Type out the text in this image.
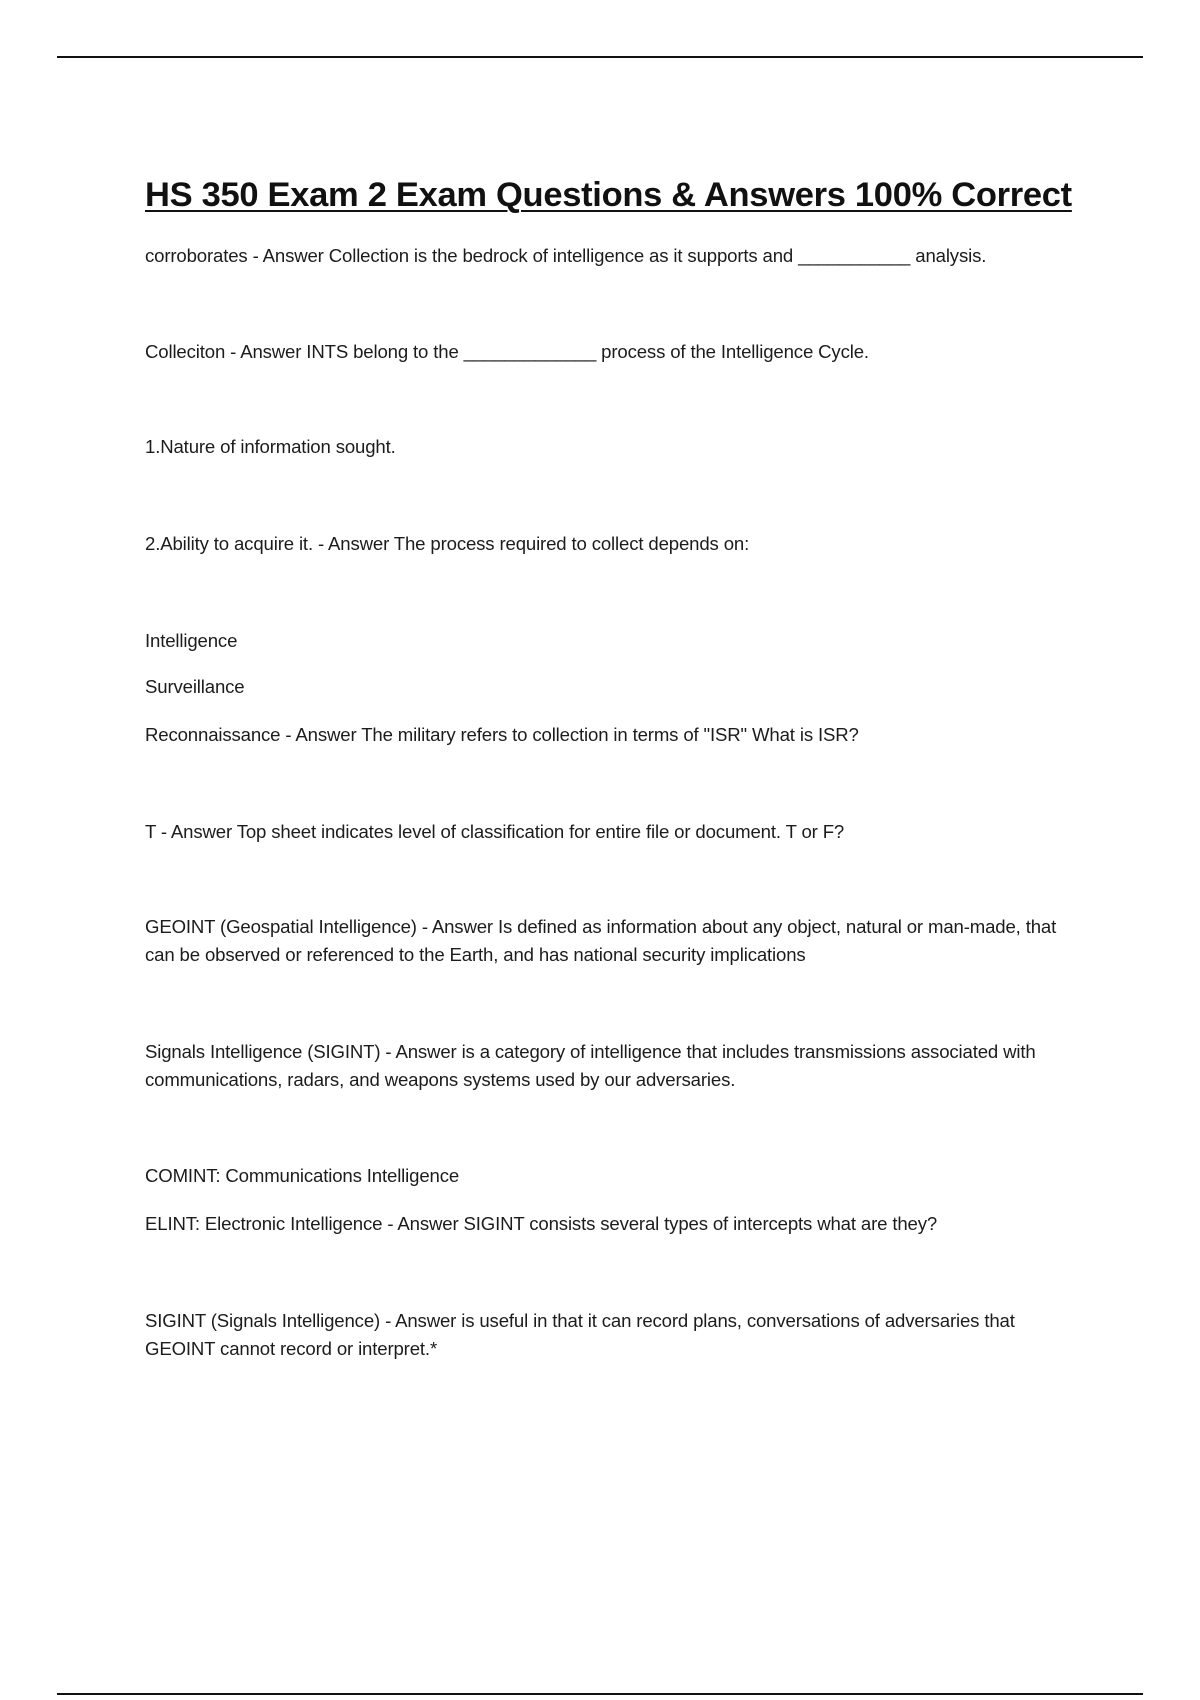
HS 350 Exam 2 Exam Questions & Answers 100% Correct

corroborates - Answer Collection is the bedrock of intelligence as it supports and ___________ analysis.

Colleciton - Answer INTS belong to the _____________ process of the Intelligence Cycle.

1.Nature of information sought.

2.Ability to acquire it. - Answer The process required to collect depends on:

Intelligence

Surveillance

Reconnaissance - Answer The military refers to collection in terms of "ISR" What is ISR?

T - Answer Top sheet indicates level of classification for entire file or document. T or F?

GEOINT (Geospatial Intelligence) - Answer Is defined as information about any object, natural or man-made, that can be observed or referenced to the Earth, and has national security implications

Signals Intelligence (SIGINT) - Answer is a category of intelligence that includes transmissions associated with communications, radars, and weapons systems used by our adversaries.

COMINT: Communications Intelligence

ELINT: Electronic Intelligence - Answer SIGINT consists several types of intercepts what are they?

SIGINT (Signals Intelligence) - Answer is useful in that it can record plans, conversations of adversaries that GEOINT cannot record or interpret.*
